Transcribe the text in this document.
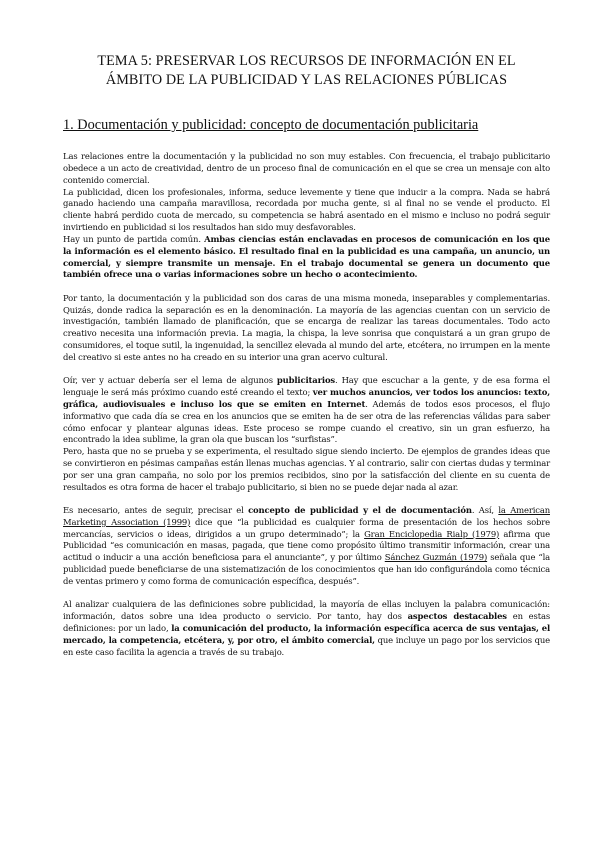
TEMA 5: PRESERVAR LOS RECURSOS DE INFORMACIÓN EN EL
ÁMBITO DE LA PUBLICIDAD Y LAS RELACIONES PÚBLICAS
1. Documentación y publicidad: concepto de documentación publicitaria

Las relaciones entre la documentación y la publicidad no son muy estables. Con frecuencia, el trabajo publicitario obedece a un acto de creatividad, dentro de un proceso final de comunicación en el que se crea un mensaje con alto contenido comercial.

La publicidad, dicen los profesionales, informa, seduce levemente y tiene que inducir a la compra. Nada se habrá ganado haciendo una campaña maravillosa, recordada por mucha gente, si al final no se vende el producto. El cliente habrá perdido cuota de mercado, su competencia se habrá asentado en el mismo e incluso no podrá seguir invirtiendo en publicidad si los resultados han sido muy desfavorables.

Hay un punto de partida común. Ambas ciencias están enclavadas en procesos de comunicación en los que la información es el elemento básico. El resultado final en la publicidad es una campaña, un anuncio, un comercial, y siempre transmite un mensaje. En el trabajo documental se genera un documento que también ofrece una o varias informaciones sobre un hecho o acontecimiento.

Por tanto, la documentación y la publicidad son dos caras de una misma moneda, inseparables y complementarias. Quizás, donde radica la separación es en la denominación. La mayoría de las agencias cuentan con un servicio de investigación, también llamado de planificación, que se encarga de realizar las tareas documentales. Todo acto creativo necesita una información previa. La magia, la chispa, la leve sonrisa que conquistará a un gran grupo de consumidores, el toque sutil, la ingenuidad, la sencillez elevada al mundo del arte, etcétera, no irrumpen en la mente del creativo si este antes no ha creado en su interior una gran acervo cultural.

Oír, ver y actuar debería ser el lema de algunos publicitarios. Hay que escuchar a la gente, y de esa forma el lenguaje le será más próximo cuando esté creando el texto; ver muchos anuncios, ver todos los anuncios: texto, gráfica, audiovisuales e incluso los que se emiten en Internet. Además de todos esos procesos, el flujo informativo que cada día se crea en los anuncios que se emiten ha de ser otra de las referencias válidas para saber cómo enfocar y plantear algunas ideas. Este proceso se rompe cuando el creativo, sin un gran esfuerzo, ha encontrado la idea sublime, la gran ola que buscan los “surfistas”.

Pero, hasta que no se prueba y se experimenta, el resultado sigue siendo incierto. De ejemplos de grandes ideas que se convirtieron en pésimas campañas están llenas muchas agencias. Y al contrario, salir con ciertas dudas y terminar por ser una gran campaña, no solo por los premios recibidos, sino por la satisfacción del cliente en su cuenta de resultados es otra forma de hacer el trabajo publicitario, si bien no se puede dejar nada al azar.

Es necesario, antes de seguir, precisar el concepto de publicidad y el de documentación. Así, la American Marketing Association (1999) dice que “la publicidad es cualquier forma de presentación de los hechos sobre mercancías, servicios o ideas, dirigidos a un grupo determinado”; la Gran Enciclopedia Rialp (1979) afirma que Publicidad “es comunicación en masas, pagada, que tiene como propósito último transmitir información, crear una actitud o inducir a una acción beneficiosa para el anunciante”, y por último Sánchez Guzmán (1979) señala que “la publicidad puede beneficiarse de una sistematización de los conocimientos que han ido configurándola como técnica de ventas primero y como forma de comunicación específica, después”.

Al analizar cualquiera de las definiciones sobre publicidad, la mayoría de ellas incluyen la palabra comunicación: información, datos sobre una idea producto o servicio. Por tanto, hay dos aspectos destacables en estas definiciones: por un lado, la comunicación del producto, la información específica acerca de sus ventajas, el mercado, la competencia, etcétera, y, por otro, el ámbito comercial, que incluye un pago por los servicios que en este caso facilita la agencia a través de su trabajo.
